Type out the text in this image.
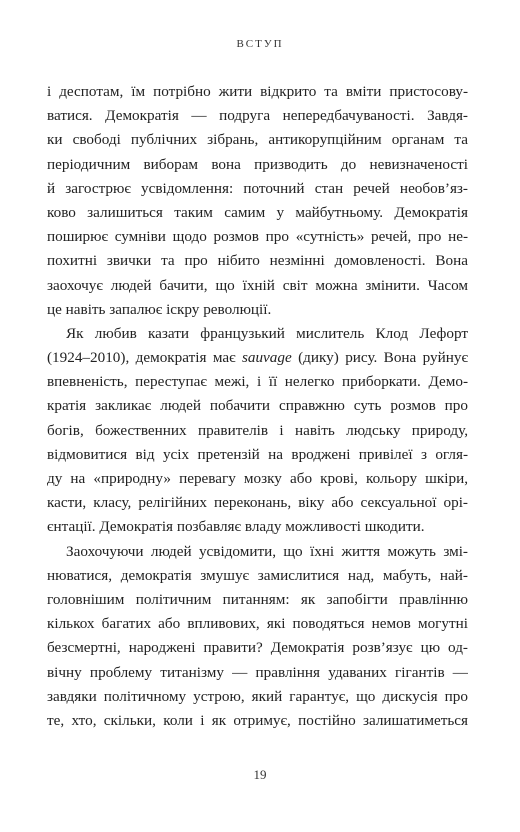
ВСТУП
і деспотам, їм потрібно жити відкрито та вміти пристосову-
ватися. Демократія — подруга непередбачуваності. Завдя-
ки свободі публічних зібрань, антикорупційним органам та
періодичним виборам вона призводить до невизначеності
й загострює усвідомлення: поточний стан речей необов’яз-
ково залишиться таким самим у майбутньому. Демократія
поширює сумніви щодо розмов про «сутність» речей, про не-
похитні звички та про нібито незмінні домовленості. Вона
заохочує людей бачити, що їхній світ можна змінити. Часом
це навіть запалює іскру революції.
Як любив казати французький мислитель Клод Лефорт
(1924–2010), демократія має sauvage (дику) рису. Вона руйнує
впевненість, переступає межі, і її нелегко приборкати. Демо-
кратія закликає людей побачити справжню суть розмов про
богів, божественних правителів і навіть людську природу,
відмовитися від усіх претензій на вроджені привілеї з огля-
ду на «природну» перевагу мозку або крові, кольору шкіри,
касти, класу, релігійних переконань, віку або сексуальної орі-
єнтації. Демократія позбавляє владу можливості шкодити.
Заохочуючи людей усвідомити, що їхні життя можуть змі-
нюватися, демократія змушує замислитися над, мабуть, най-
головнішим політичним питанням: як запобігти правлінню
кількох багатих або впливових, які поводяться немов могутні
безсмертні, народжені правити? Демократія розв’язує цю од-
вічну проблему титанізму — правління удаваних гігантів —
завдяки політичному устрою, який гарантує, що дискусія про
те, хто, скільки, коли і як отримує, постійно залишатиметься
19
